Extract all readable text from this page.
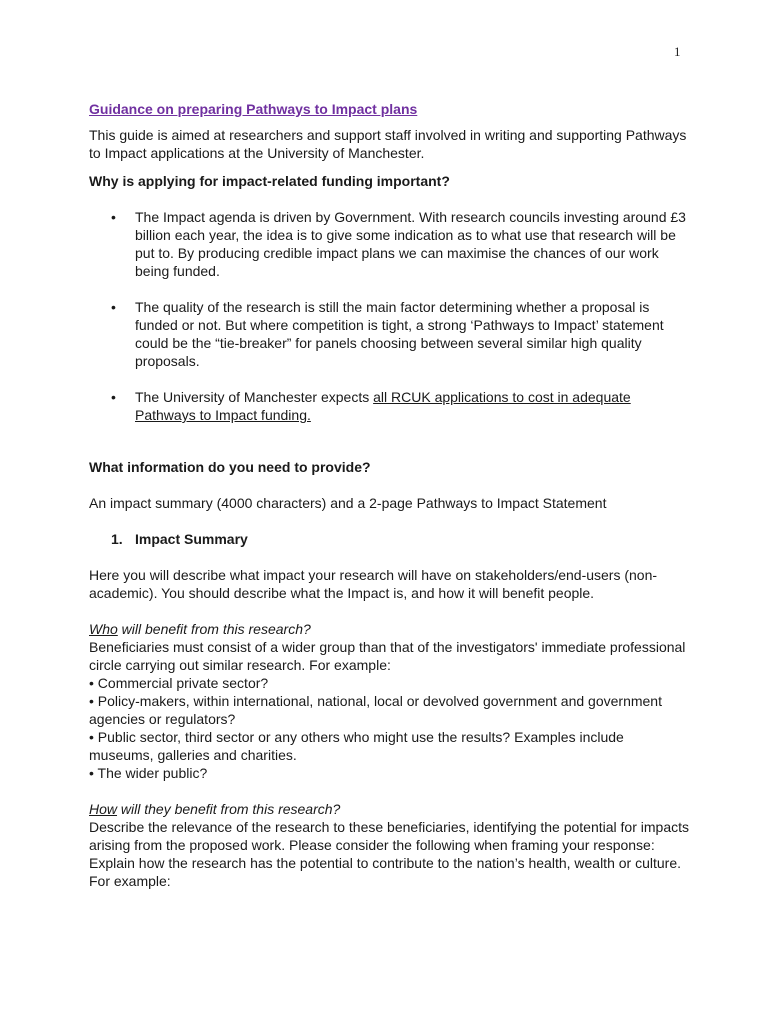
1

Guidance on preparing Pathways to Impact plans

This guide is aimed at researchers and support staff involved in writing and supporting Pathways to Impact applications at the University of Manchester.

Why is applying for impact-related funding important?

• The Impact agenda is driven by Government. With research councils investing around £3 billion each year, the idea is to give some indication as to what use that research will be put to. By producing credible impact plans we can maximise the chances of our work being funded.
• The quality of the research is still the main factor determining whether a proposal is funded or not. But where competition is tight, a strong ‘Pathways to Impact’ statement could be the “tie-breaker” for panels choosing between several similar high quality proposals.
• The University of Manchester expects all RCUK applications to cost in adequate Pathways to Impact funding.

What information do you need to provide?

An impact summary (4000 characters) and a 2-page Pathways to Impact Statement

1. Impact Summary

Here you will describe what impact your research will have on stakeholders/end-users (non-academic). You should describe what the Impact is, and how it will benefit people.

Who will benefit from this research?

Beneficiaries must consist of a wider group than that of the investigators' immediate professional circle carrying out similar research. For example:

• Commercial private sector?

• Policy-makers, within international, national, local or devolved government and government agencies or regulators?

• Public sector, third sector or any others who might use the results? Examples include museums, galleries and charities.

• The wider public?

How will they benefit from this research?

Describe the relevance of the research to these beneficiaries, identifying the potential for impacts arising from the proposed work. Please consider the following when framing your response:

Explain how the research has the potential to contribute to the nation’s health, wealth or culture. For example:
